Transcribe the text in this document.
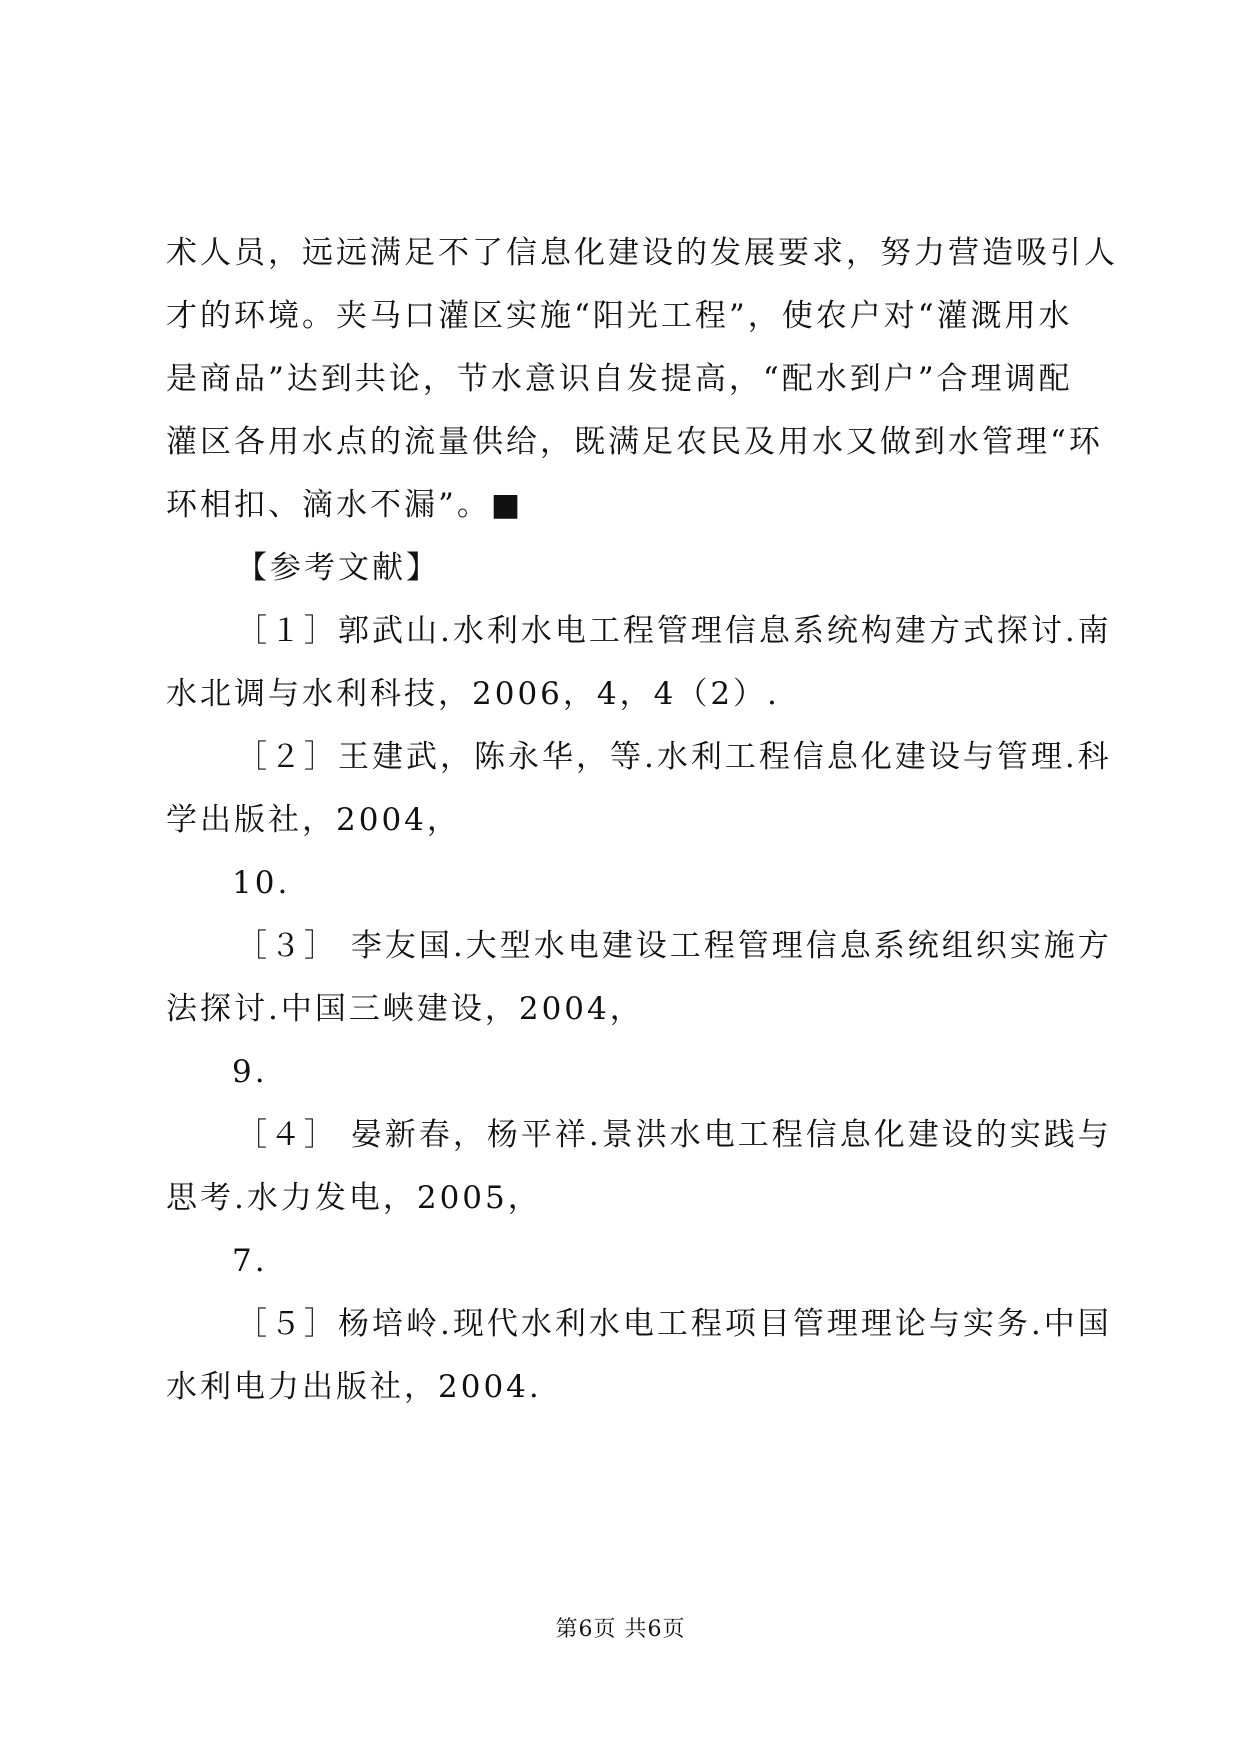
术人员，远远满足不了信息化建设的发展要求，努力营造吸引人
才的环境。夹马口灌区实施“阳光工程”，使农户对“灌溉用水
是商品”达到共论，节水意识自发提高，“配水到户”合理调配
灌区各用水点的流量供给，既满足农民及用水又做到水管理“环
环相扣、滴水不漏”。■
【参考文献】
［１］郭武山.水利水电工程管理信息系统构建方式探讨.南
水北调与水利科技，2006，4，4（2）.
［２］王建武，陈永华，等.水利工程信息化建设与管理.科
学出版社，2004，
10.
［３］ 李友国.大型水电建设工程管理信息系统组织实施方
法探讨.中国三峡建设，2004，
9.
［４］ 晏新春，杨平祥.景洪水电工程信息化建设的实践与
思考.水力发电，2005，
7.
［５］杨培岭.现代水利水电工程项目管理理论与实务.中国
水利电力出版社，2004.
第6页 共6页
